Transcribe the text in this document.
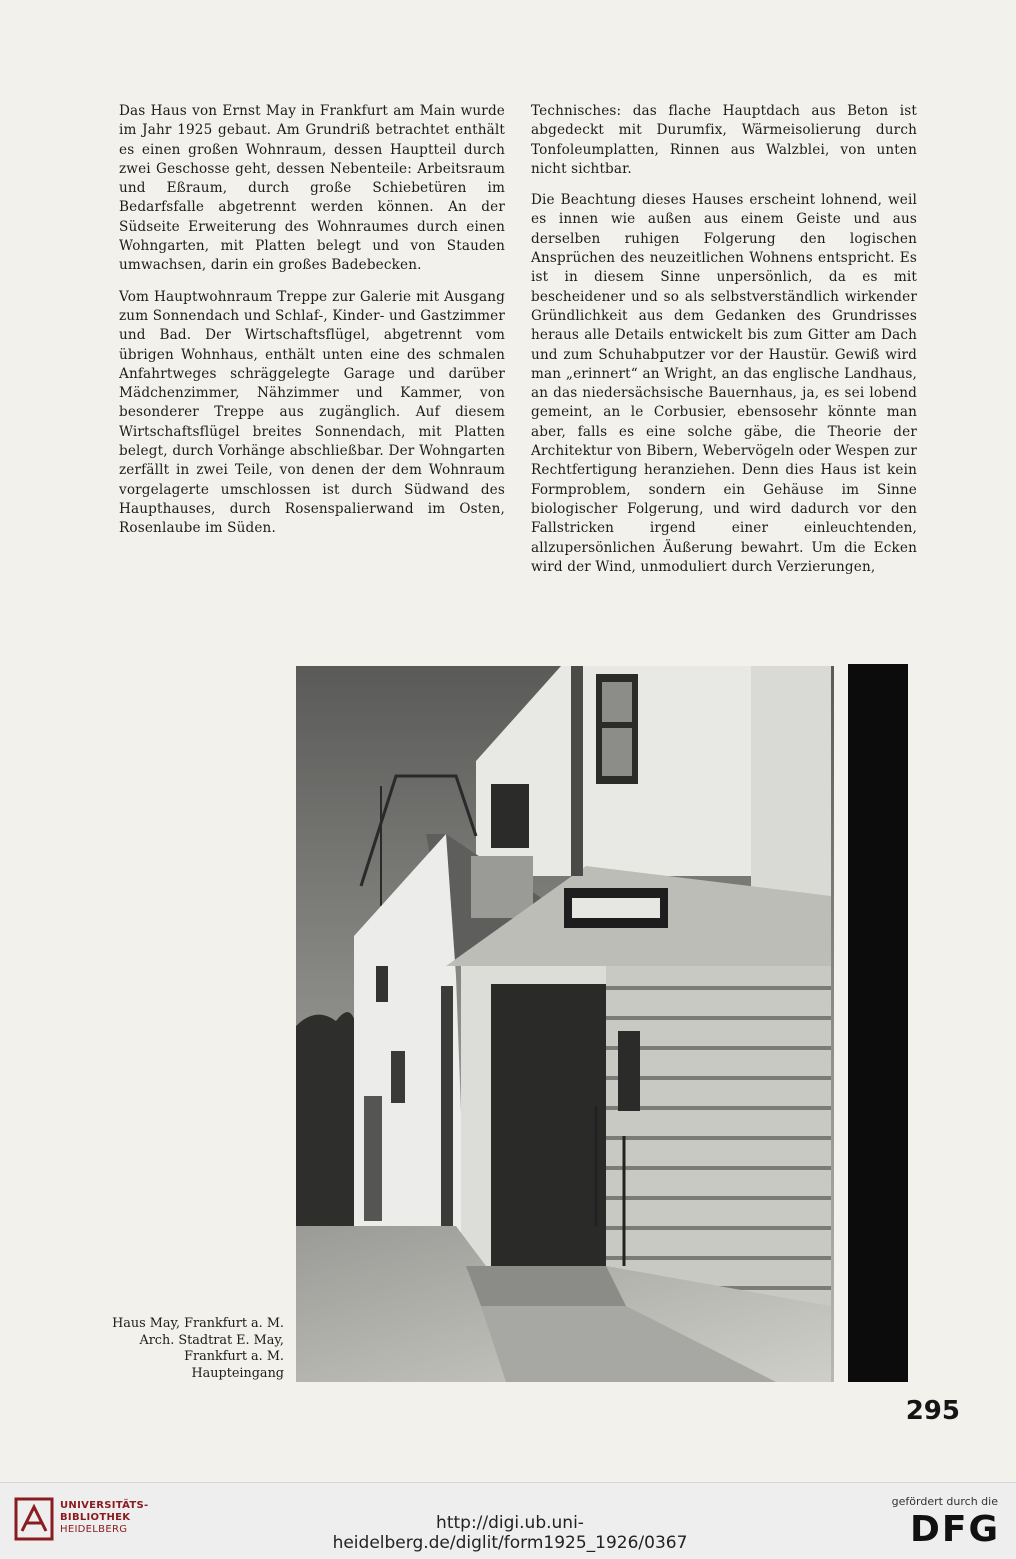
Das Haus von Ernst May in Frankfurt am Main wurde im Jahr 1925 gebaut. Am Grundriß betrachtet enthält es einen großen Wohnraum, dessen Hauptteil durch zwei Geschosse geht, dessen Nebenteile: Arbeitsraum und Eßraum, durch große Schiebetüren im Bedarfsfalle abgetrennt werden können. An der Südseite Erweiterung des Wohnraumes durch einen Wohngarten, mit Platten belegt und von Stauden umwachsen, darin ein großes Badebecken.

Vom Hauptwohnraum Treppe zur Galerie mit Ausgang zum Sonnendach und Schlaf-, Kinder- und Gastzimmer und Bad. Der Wirtschaftsflügel, abgetrennt vom übrigen Wohnhaus, enthält unten eine des schmalen Anfahrtweges schräggelegte Garage und darüber Mädchenzimmer, Nähzimmer und Kammer, von besonderer Treppe aus zugänglich. Auf diesem Wirtschaftsflügel breites Sonnendach, mit Platten belegt, durch Vorhänge abschließbar. Der Wohngarten zerfällt in zwei Teile, von denen der dem Wohnraum vorgelagerte umschlossen ist durch Südwand des Haupthauses, durch Rosenspalierwand im Osten, Rosenlaube im Süden.

Technisches: das flache Hauptdach aus Beton ist abgedeckt mit Durumfix, Wärmeisolierung durch Tonfoleumplatten, Rinnen aus Walzblei, von unten nicht sichtbar.

Die Beachtung dieses Hauses erscheint lohnend, weil es innen wie außen aus einem Geiste und aus derselben ruhigen Folgerung den logischen Ansprüchen des neuzeitlichen Wohnens entspricht. Es ist in diesem Sinne unpersönlich, da es mit bescheidener und so als selbstverständlich wirkender Gründlichkeit aus dem Gedanken des Grundrisses heraus alle Details entwickelt bis zum Gitter am Dach und zum Schuhabputzer vor der Haustür. Gewiß wird man „erinnert“ an Wright, an das englische Landhaus, an das niedersächsische Bauernhaus, ja, es sei lobend gemeint, an le Corbusier, ebensosehr könnte man aber, falls es eine solche gäbe, die Theorie der Architektur von Bibern, Webervögeln oder Wespen zur Rechtfertigung heranziehen. Denn dies Haus ist kein Formproblem, sondern ein Gehäuse im Sinne biologischer Folgerung, und wird dadurch vor den Fallstricken irgend einer einleuchtenden, allzupersönlichen Äußerung bewahrt. Um die Ecken wird der Wind, unmoduliert durch Verzierungen,

Haus May, Frankfurt a. M.
Arch. Stadtrat E. May,
Frankfurt a. M.
Haupteingang
295
UNIVERSITÄTS-
BIBLIOTHEK
HEIDELBERG	http://digi.ub.uni-heidelberg.de/diglit/form1925_1926/0367
gefördert durch die
DFG
